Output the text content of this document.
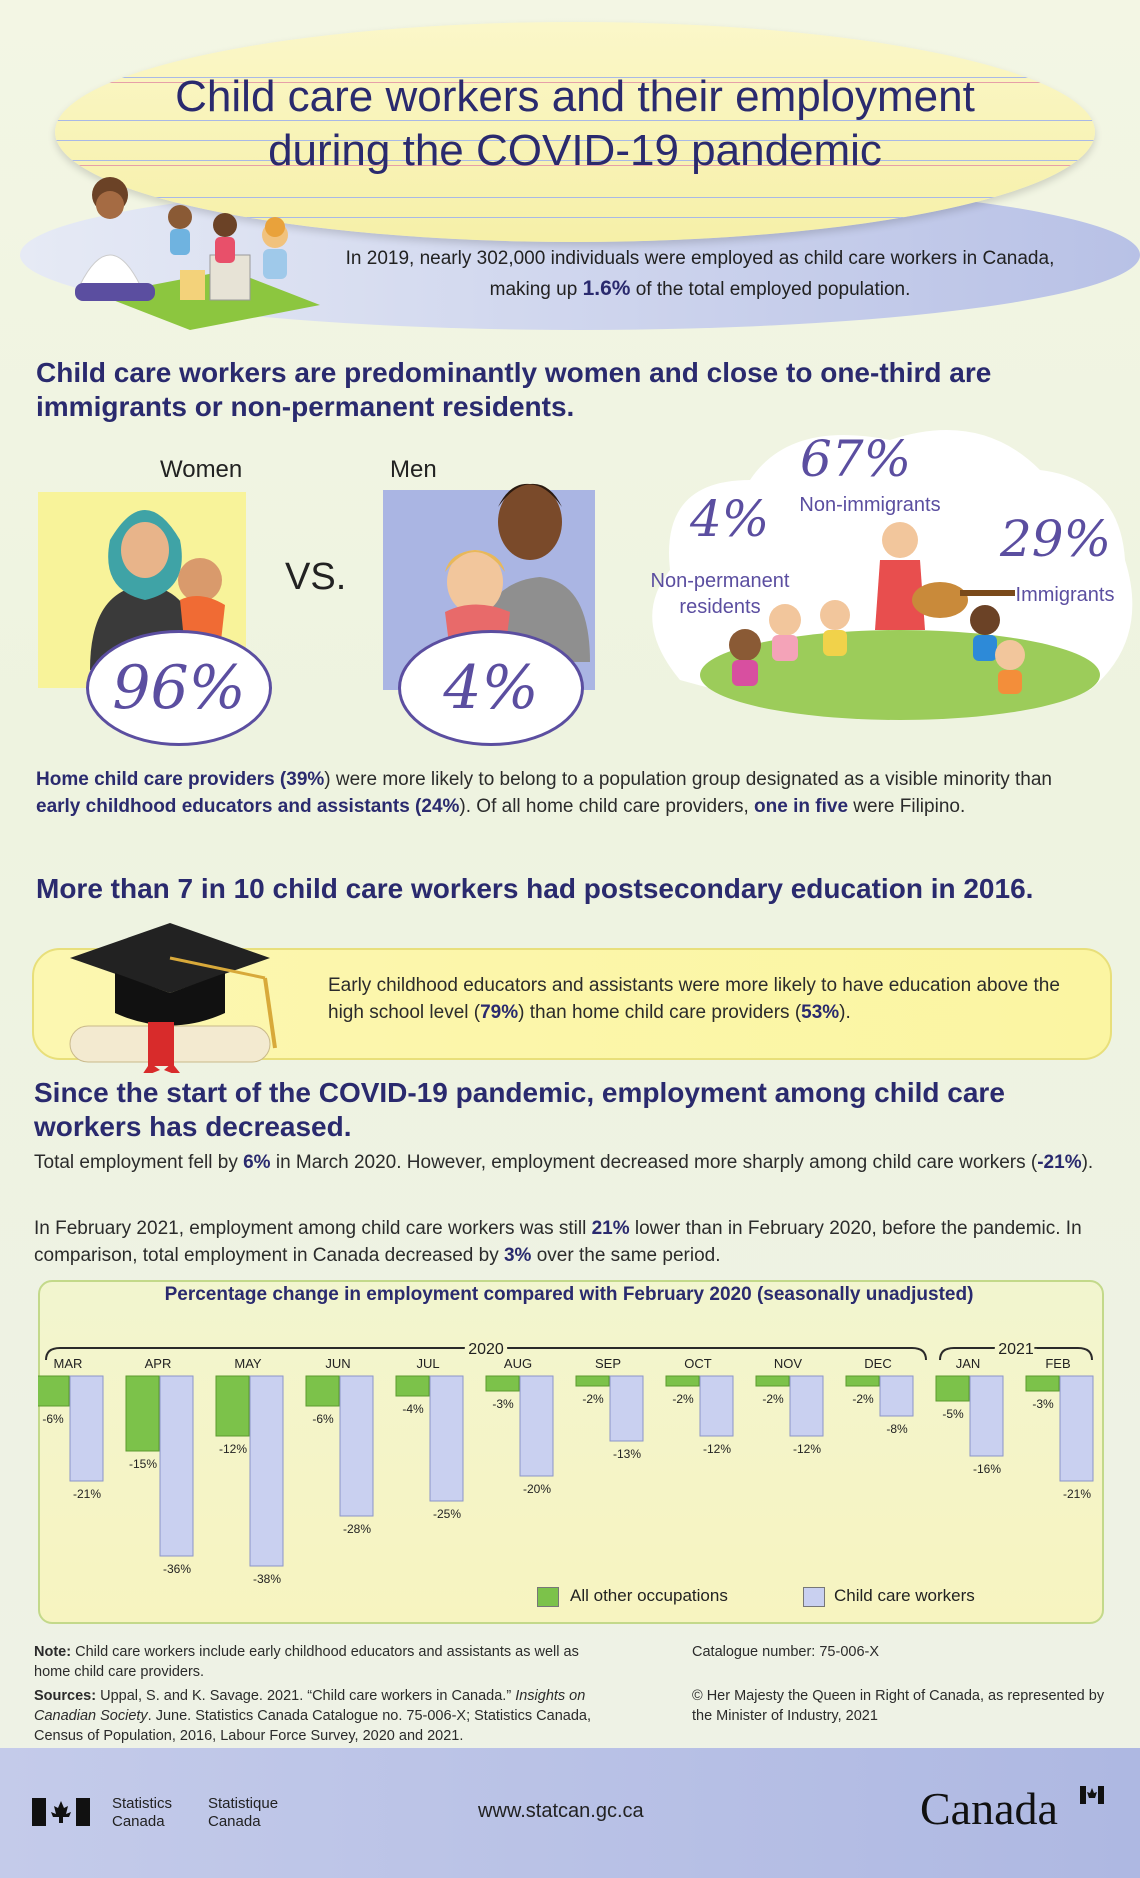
Child care workers and their employment
during the COVID-19 pandemic
In 2019, nearly 302,000 individuals were employed as child care workers in Canada, making up 1.6% of the total employed population.
Child care workers are predominantly women and close to one-third are immigrants or non-permanent residents.
Women
96%
VS.
Men
4%
67%
Non-immigrants
4%
Non-permanent
residents
29%
Immigrants
Home child care providers (39%) were more likely to belong to a population group designated as a visible minority than early childhood educators and assistants (24%). Of all home child care providers, one in five were Filipino.
More than 7 in 10 child care workers had postsecondary education in 2016.
Early childhood educators and assistants were more likely to have education above the high school level (79%) than home child care providers (53%).
Since the start of the COVID-19 pandemic, employment among child care workers has decreased.
Total employment fell by 6% in March 2020. However, employment decreased more sharply among child care workers (-21%).
In February 2021, employment among child care workers was still 21% lower than in February 2020, before the pandemic. In comparison, total employment in Canada decreased by 3% over the same period.
Percentage change in employment compared with February 2020 (seasonally unadjusted)
2020	2021
MAR
-6%
-21%
APR
-15%
-36%
MAY
-12%
-38%
JUN
-6%
-28%
JUL
-4%
-25%
AUG
-3%
-20%
SEP
-2%
-13%
OCT
-2%
-12%
NOV
-2%
-12%
DEC
-2%
-8%
JAN
-5%
-16%
FEB
-3%
-21%
All other occupations	Child care workers
Note: Child care workers include early childhood educators and assistants as well as home child care providers.
Sources: Uppal, S. and K. Savage. 2021. “Child care workers in Canada.” Insights on Canadian Society. June. Statistics Canada Catalogue no. 75-006-X; Statistics Canada, Census of Population, 2016, Labour Force Survey, 2020 and 2021.
Catalogue number: 75-006-X
© Her Majesty the Queen in Right of Canada, as represented by the Minister of Industry, 2021
Statistics
Canada
Statistique
Canada	www.statcan.gc.ca	Canada
